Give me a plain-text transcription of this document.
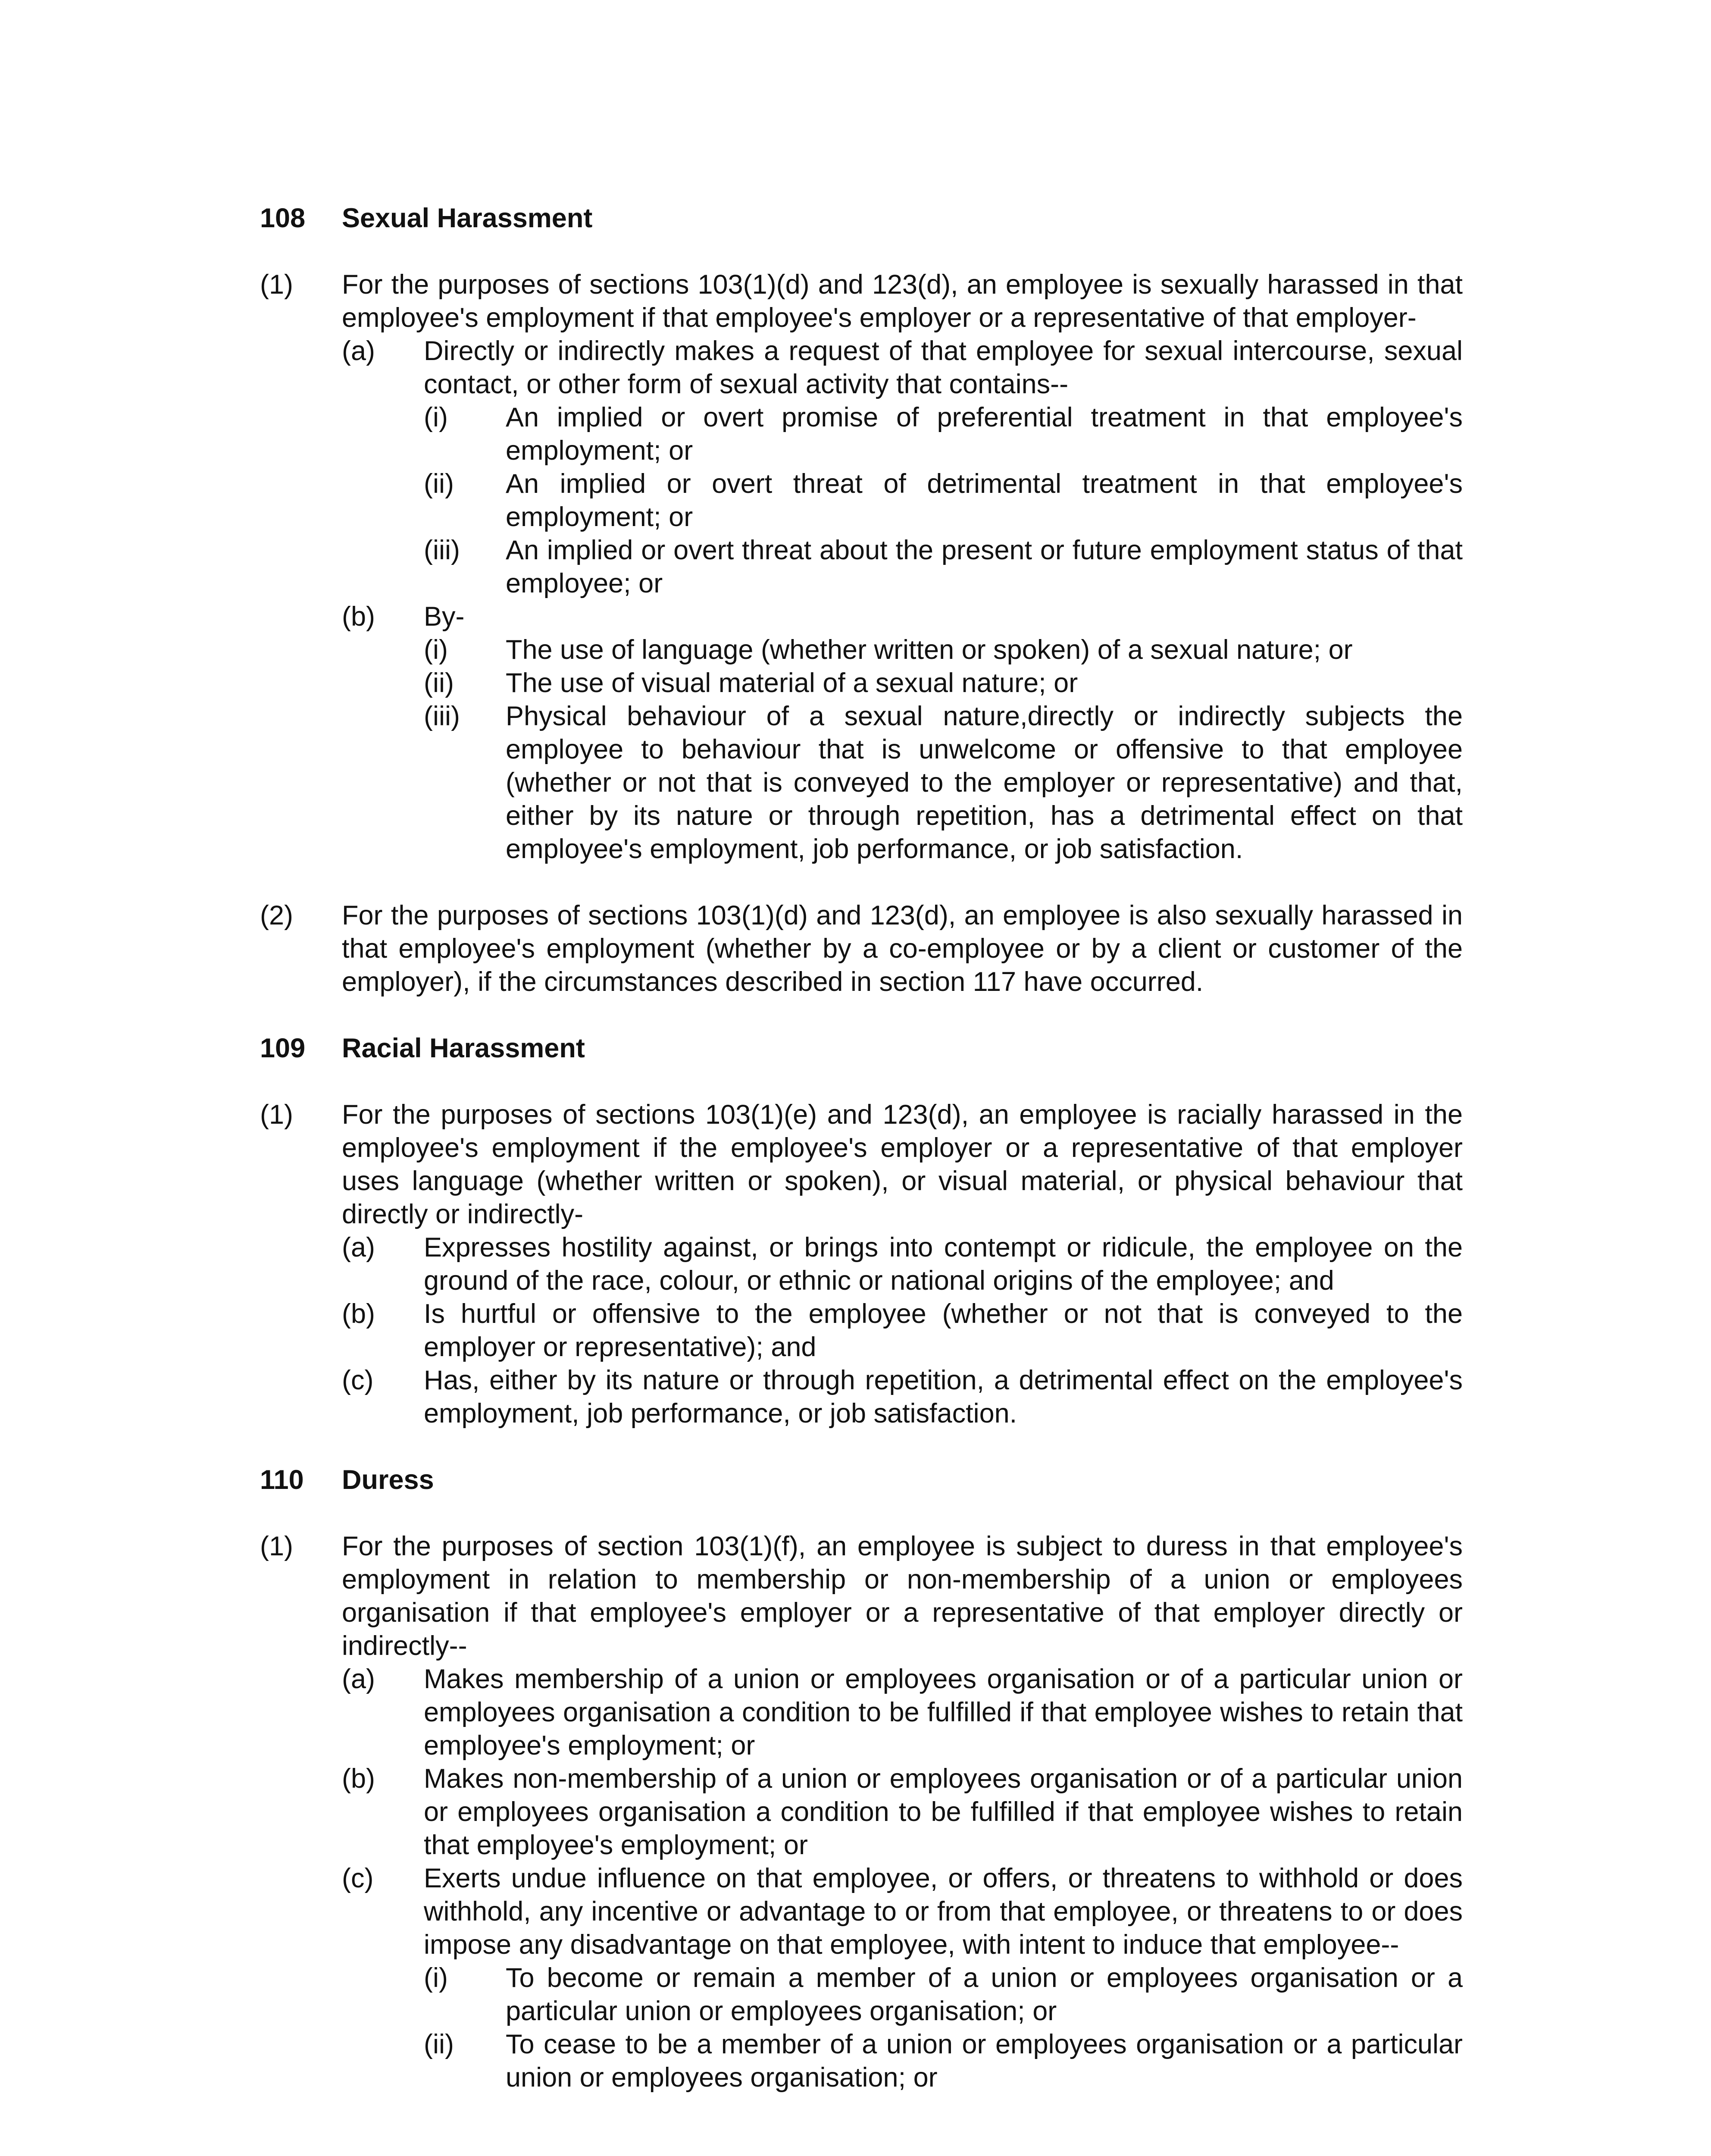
108	Sexual Harassment
(1)	For the purposes of sections 103(1)(d) and 123(d), an employee is sexually harassed in that employee's employment if that employee's employer or a representative of that employer-
(a)	Directly or indirectly makes a request of that employee for sexual intercourse, sexual contact, or other form of sexual activity that contains--
(i)	An implied or overt promise of preferential treatment in that employee's employment; or
(ii)	An implied or overt threat of detrimental treatment in that employee's employment; or
(iii)	An implied or overt threat about the present or future employment status of that employee; or
(b)	By-
(i)	The use of language (whether written or spoken) of a sexual nature; or
(ii)	The use of visual material of a sexual nature; or
(iii)	Physical behaviour of a sexual nature,directly or indirectly subjects the employee to behaviour that is unwelcome or offensive to that employee (whether or not that is conveyed to the employer or representative) and that, either by its nature or through repetition, has a detrimental effect on that employee's employment, job performance, or job satisfaction.
(2)	For the purposes of sections 103(1)(d) and 123(d), an employee is also sexually harassed in that employee's employment (whether by a co-employee or by a client or customer of the employer), if the circumstances described in section 117 have occurred.
109	Racial Harassment
(1)	For the purposes of sections 103(1)(e) and 123(d), an employee is racially harassed in the employee's employment if the employee's employer or a representative of that employer uses language (whether written or spoken), or visual material, or physical behaviour that directly or indirectly-
(a)	Expresses hostility against, or brings into contempt or ridicule, the employee on the ground of the race, colour, or ethnic or national origins of the employee; and
(b)	Is hurtful or offensive to the employee (whether or not that is conveyed to the employer or representative); and
(c)	Has, either by its nature or through repetition, a detrimental effect on the employee's employment, job performance, or job satisfaction.
110	Duress
(1)	For the purposes of section 103(1)(f), an employee is subject to duress in that employee's employment in relation to membership or non-membership of a union or employees organisation if that employee's employer or a representative of that employer directly or indirectly--
(a)	Makes membership of a union or employees organisation or of a particular union or employees organisation a condition to be fulfilled if that employee wishes to retain that employee's employment; or
(b)	Makes non-membership of a union or employees organisation or of a particular union or employees organisation a condition to be fulfilled if that employee wishes to retain that employee's employment; or
(c)	Exerts undue influence on that employee, or offers, or threatens to withhold or does withhold, any incentive or advantage to or from that employee, or threatens to or does impose any disadvantage on that employee, with intent to induce that employee--
(i)	To become or remain a member of a union or employees organisation or a particular union or employees organisation; or
(ii)	To cease to be a member of a union or employees organisation or a particular union or employees organisation; or
